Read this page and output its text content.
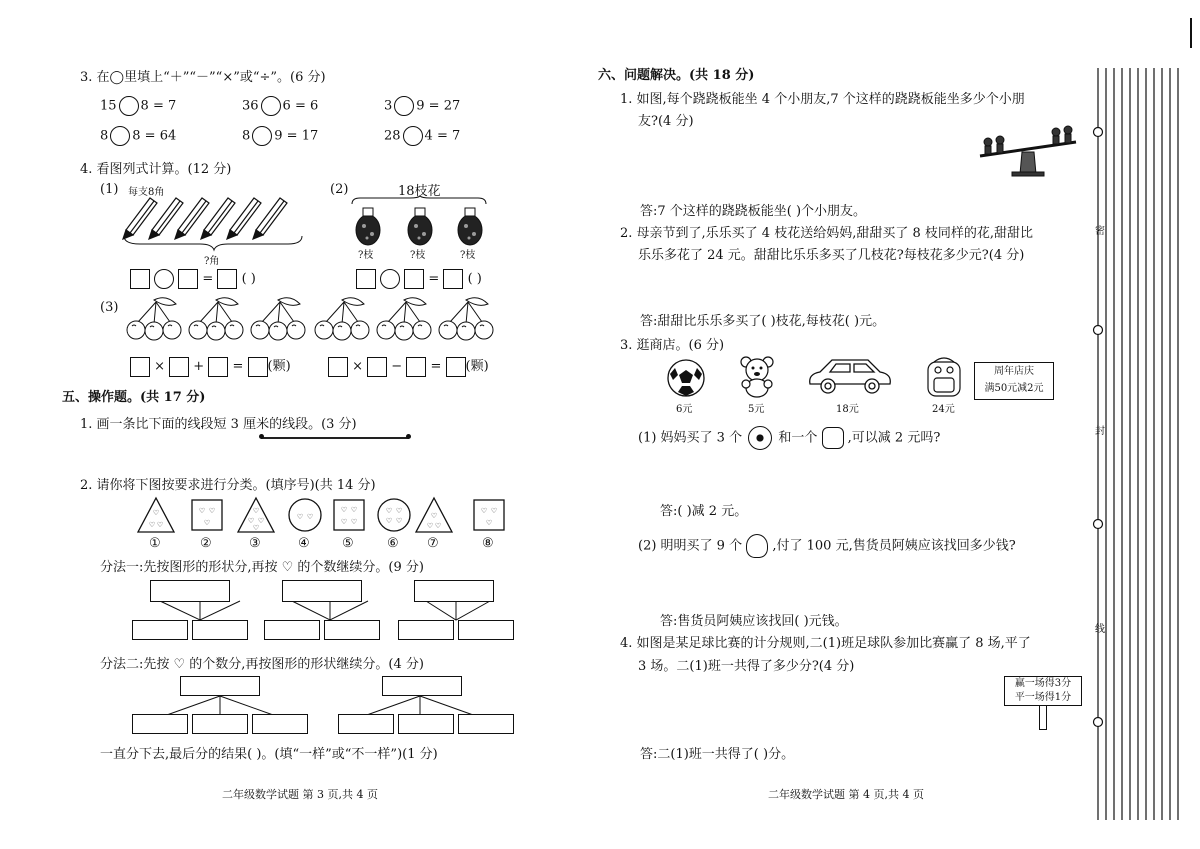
3. 在◯里填上“＋”“－”“×”或“÷”。(6 分)
15 8 = 7	36 6 = 6	3 9 = 27
8 8 = 64	8 9 = 17	28 4 = 7
4. 看图列式计算。(12 分)
(1) 每支8角
?角
=  ( )
(2)	18枝花
?枝	?枝	?枝
=  ( )
(3)
×  +  = (颗)	×  −  = (颗)
五、操作题。(共 17 分)
1. 画一条比下面的线段短 3 厘米的线段。(3 分)
2. 请你将下图按要求进行分类。(填序号)(共 14 分)
♡
♡ ♡
♡ ♡
♡
♡
♡ ♡
♡
♡ ♡
♡ ♡
♡ ♡
♡ ♡
♡ ♡
♡
♡ ♡
♡ ♡
♡
①	②	③	④ ⑤	⑥ ⑦	⑧
分法一:先按图形的形状分,再按 ♡ 的个数继续分。(9 分)
分法二:先按 ♡ 的个数分,再按图形的形状继续分。(4 分)
一直分下去,最后分的结果( )。(填“一样”或“不一样”)(1 分)
二年级数学试题 第 3 页,共 4 页
六、问题解决。(共 18 分)
1. 如图,每个跷跷板能坐 4 个小朋友,7 个这样的跷跷板能坐多少个小朋
友?(4 分)
答:7 个这样的跷跷板能坐( )个小朋友。
2. 母亲节到了,乐乐买了 4 枝花送给妈妈,甜甜买了 8 枝同样的花,甜甜比
乐乐多花了 24 元。甜甜比乐乐多买了几枝花?每枝花多少元?(4 分)
答:甜甜比乐乐多买了( )枝花,每枝花( )元。
3. 逛商店。(6 分)
6元	5元	18元	24元
周年店庆
满50元减2元
(1) 妈妈买了 3 个	和一个 ,可以减 2 元吗?
答:( )减 2 元。
(2) 明明买了 9 个 ,付了 100 元,售货员阿姨应该找回多少钱?
答:售货员阿姨应该找回( )元钱。
4. 如图是某足球比赛的计分规则,二(1)班足球队参加比赛赢了 8 场,平了
3 场。二(1)班一共得了多少分?(4 分)
赢一场得3分
平一场得1分
答:二(1)班一共得了( )分。
二年级数学试题 第 4 页,共 4 页
密
封
线
